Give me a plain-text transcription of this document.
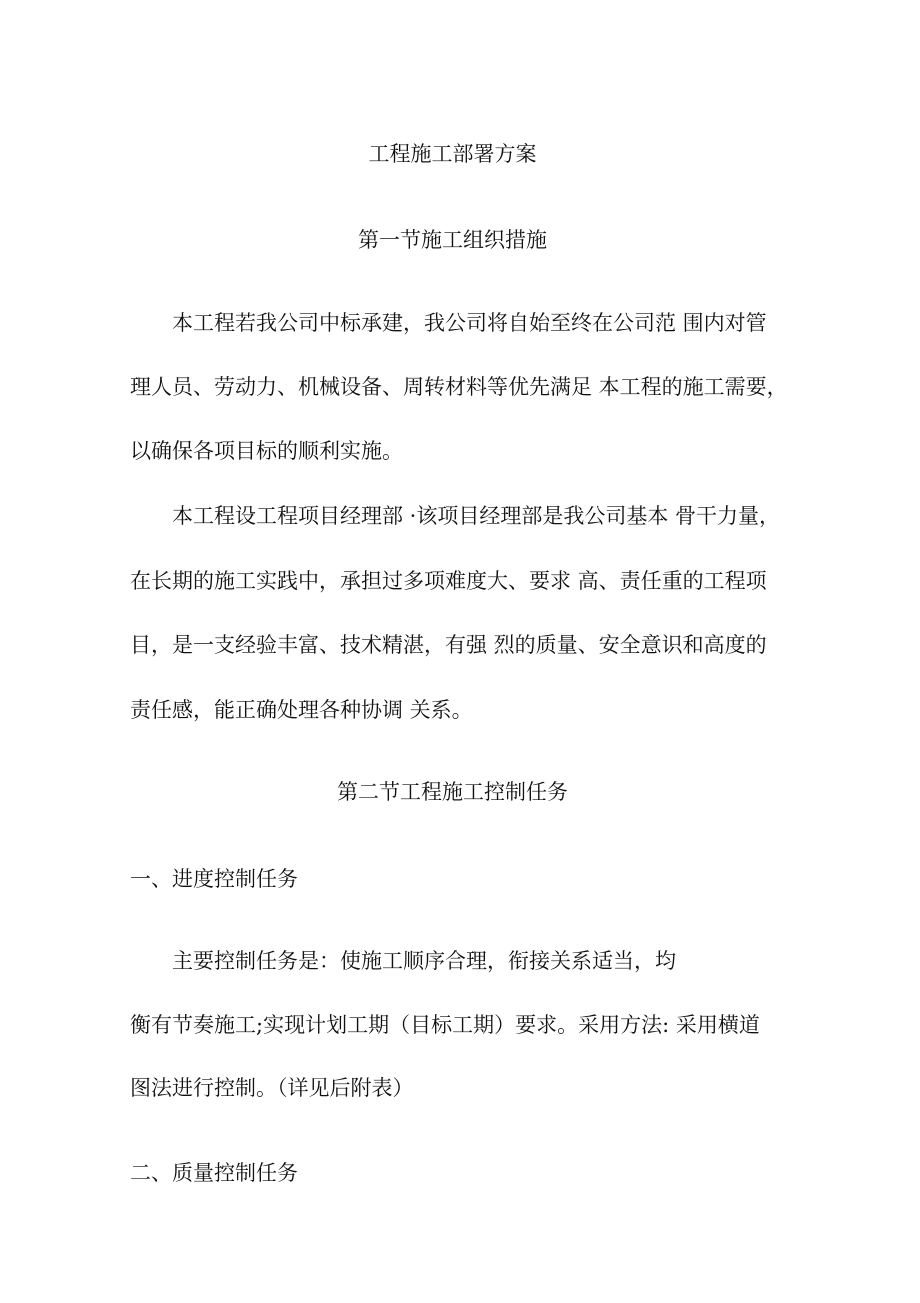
工程施工部署方案
第一节施工组织措施
本工程若我公司中标承建，我公司将自始至终在公司范 围内对管
理人员、劳动力、机械设备、周转材料等优先满足 本工程的施工需要，
以确保各项目标的顺利实施。
本工程设工程项目经理部 ·该项目经理部是我公司基本 骨干力量，
在长期的施工实践中，承担过多项难度大、要求 高、责任重的工程项
目，是一支经验丰富、技术精湛，有强 烈的质量、安全意识和高度的
责任感，能正确处理各种协调 关系。
第二节工程施工控制任务
一、进度控制任务
主要控制任务是：使施工顺序合理，衔接关系适当，均
衡有节奏施工;实现计划工期（目标工期）要求。采用方法: 采用横道
图法进行控制。（详见后附表）
二、质量控制任务
